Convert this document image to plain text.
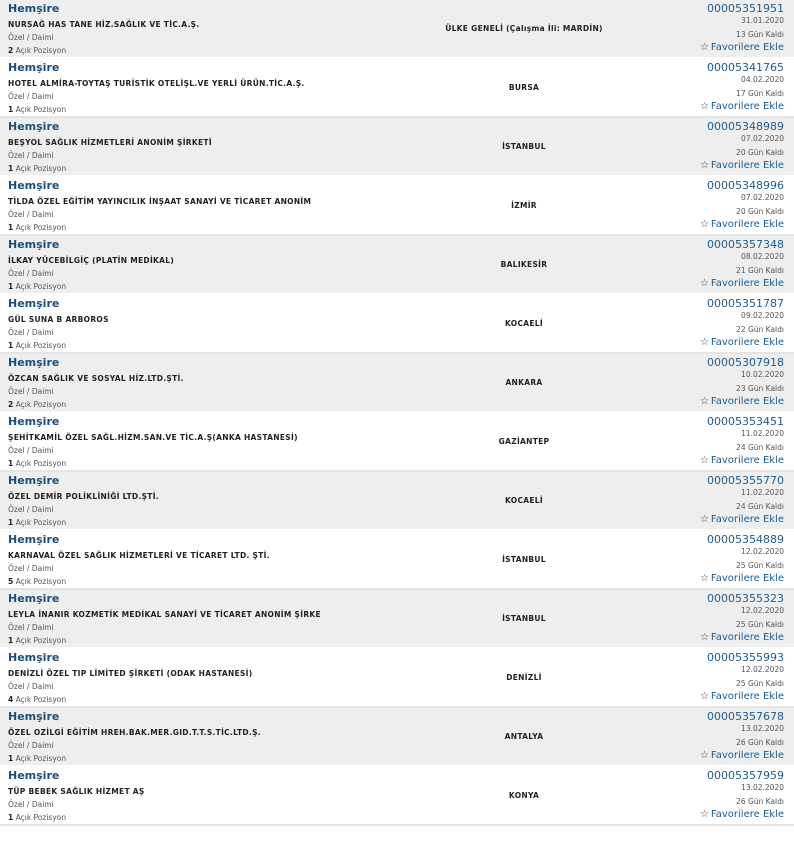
Hemşire
NURSAĞ HAS TANE HİZ.SAĞLIK VE TİC.A.Ş.
Özel / Daimi
2 Açık Pozisyon
ÜLKE GENELİ (Çalışma İli: MARDİN)
00005351951
31.01.2020
13 Gün Kaldı
☆ Favorilere Ekle
Hemşire
HOTEL ALMİRA-TOYTAŞ TURİSTİK OTELİŞL.VE YERLİ ÜRÜN.TİC.A.Ş.
Özel / Daimi
1 Açık Pozisyon
BURSA
00005341765
04.02.2020
17 Gün Kaldı
☆ Favorilere Ekle
Hemşire
BEŞYOL SAĞLIK HİZMETLERİ ANONİM ŞİRKETİ
Özel / Daimi
1 Açık Pozisyon
İSTANBUL
00005348989
07.02.2020
20 Gün Kaldı
☆ Favorilere Ekle
Hemşire
TİLDA ÖZEL EĞİTİM YAYINCILIK İNŞAAT SANAYİ VE TİCARET ANONİM
Özel / Daimi
1 Açık Pozisyon
İZMİR
00005348996
07.02.2020
20 Gün Kaldı
☆ Favorilere Ekle
Hemşire
İLKAY YÜCEBİLGİÇ (PLATİN MEDİKAL)
Özel / Daimi
1 Açık Pozisyon
BALIKESİR
00005357348
08.02.2020
21 Gün Kaldı
☆ Favorilere Ekle
Hemşire
GÜL SUNA B ARBOROS
Özel / Daimi
1 Açık Pozisyon
KOCAELİ
00005351787
09.02.2020
22 Gün Kaldı
☆ Favorilere Ekle
Hemşire
ÖZCAN SAĞLIK VE SOSYAL HİZ.LTD.ŞTİ.
Özel / Daimi
2 Açık Pozisyon
ANKARA
00005307918
10.02.2020
23 Gün Kaldı
☆ Favorilere Ekle
Hemşire
ŞEHİTKAMİL ÖZEL SAĞL.HİZM.SAN.VE TİC.A.Ş(ANKA HASTANESİ)
Özel / Daimi
1 Açık Pozisyon
GAZİANTEP
00005353451
11.02.2020
24 Gün Kaldı
☆ Favorilere Ekle
Hemşire
ÖZEL DEMİR POLİKLİNİĞİ LTD.ŞTİ.
Özel / Daimi
1 Açık Pozisyon
KOCAELİ
00005355770
11.02.2020
24 Gün Kaldı
☆ Favorilere Ekle
Hemşire
KARNAVAL ÖZEL SAĞLIK HİZMETLERİ VE TİCARET LTD. ŞTİ.
Özel / Daimi
5 Açık Pozisyon
İSTANBUL
00005354889
12.02.2020
25 Gün Kaldı
☆ Favorilere Ekle
Hemşire
LEYLA İNANIR KOZMETİK MEDİKAL SANAYİ VE TİCARET ANONİM ŞİRKE
Özel / Daimi
1 Açık Pozisyon
İSTANBUL
00005355323
12.02.2020
25 Gün Kaldı
☆ Favorilere Ekle
Hemşire
DENİZLİ ÖZEL TIP LİMİTED ŞİRKETİ (ODAK HASTANESİ)
Özel / Daimi
4 Açık Pozisyon
DENİZLİ
00005355993
12.02.2020
25 Gün Kaldı
☆ Favorilere Ekle
Hemşire
ÖZEL OZİLGİ EĞİTİM HREH.BAK.MER.GID.T.T.S.TİC.LTD.Ş.
Özel / Daimi
1 Açık Pozisyon
ANTALYA
00005357678
13.02.2020
26 Gün Kaldı
☆ Favorilere Ekle
Hemşire
TÜP BEBEK SAĞLIK HİZMET AŞ
Özel / Daimi
1 Açık Pozisyon
KONYA
00005357959
13.02.2020
26 Gün Kaldı
☆ Favorilere Ekle
